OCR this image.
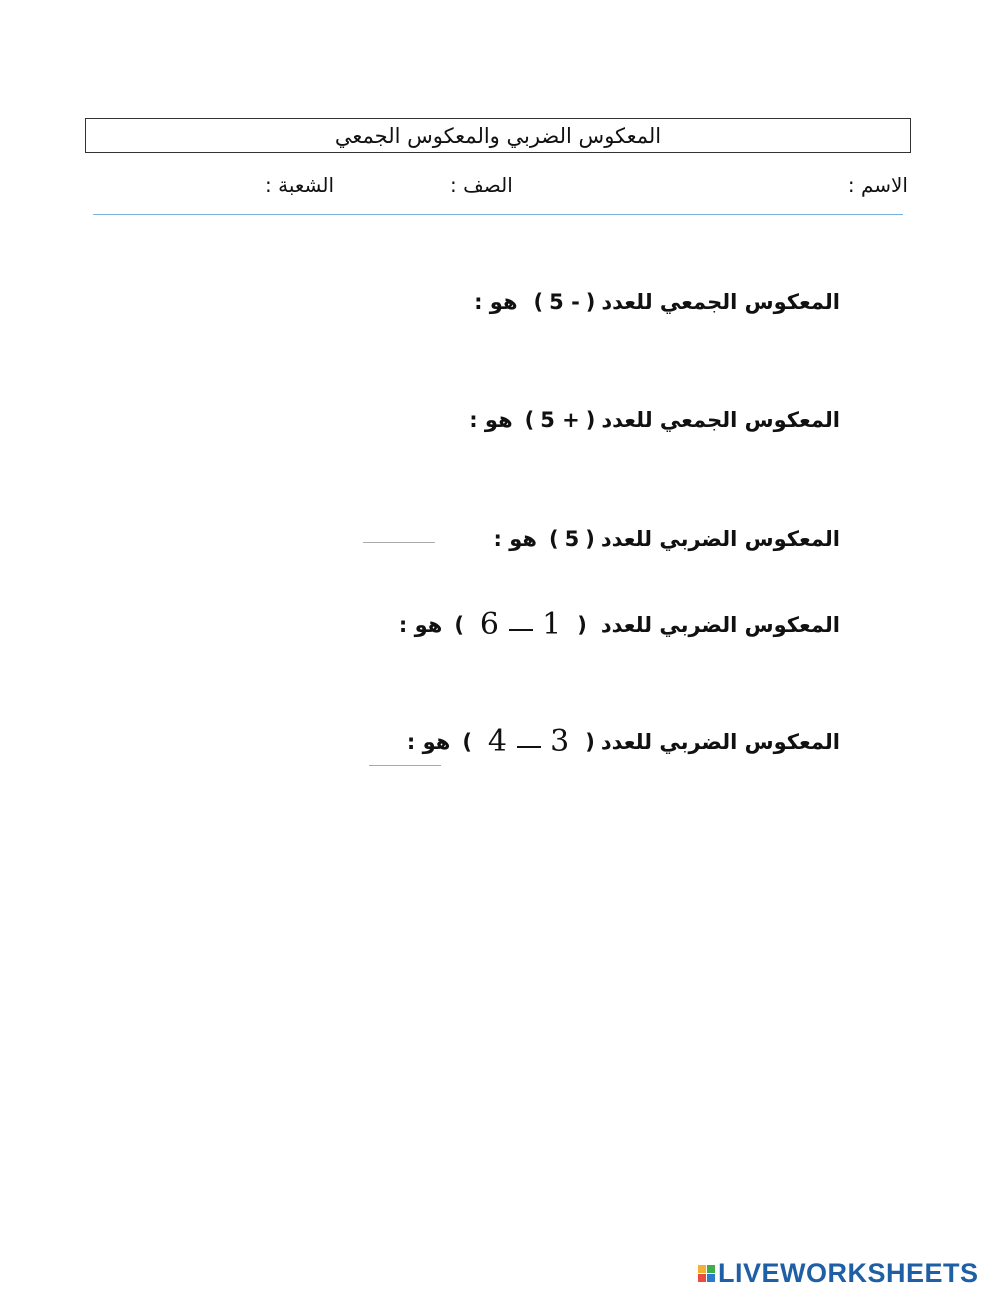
المعكوس الضربي والمعكوس الجمعي
الاسم :
الصف :
الشعبة :
المعكوس الجمعي للعدد
(
5 -
)
هو :
المعكوس الجمعي للعدد
(
5 +
)
هو :
المعكوس الضربي للعدد
(
5
)
هو :
المعكوس الضربي للعدد
(
1  6
)
هو :
المعكوس الضربي للعدد
(
3  4
)
هو :
LIVEWORKSHEETS
